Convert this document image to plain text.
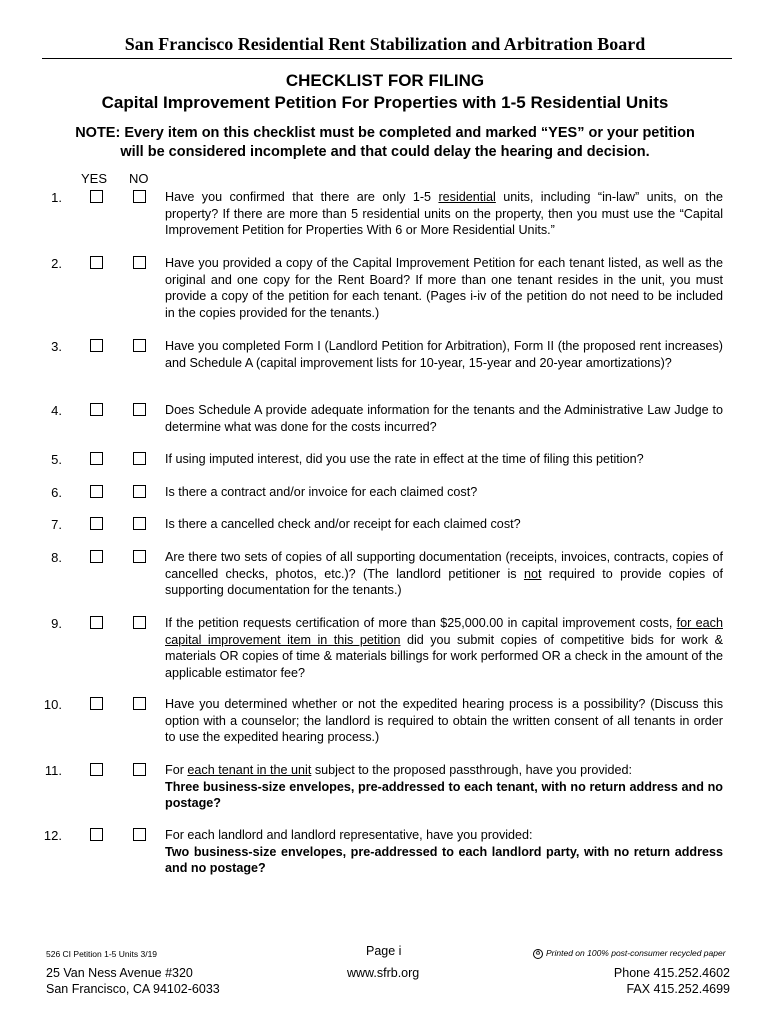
San Francisco Residential Rent Stabilization and Arbitration Board
CHECKLIST FOR FILING
Capital Improvement Petition For Properties with 1-5 Residential Units
NOTE: Every item on this checklist must be completed and marked “YES” or your petition will be considered incomplete and that could delay the hearing and decision.
YES NO
1.	Have you confirmed that there are only 1-5 residential units, including “in-law” units, on the property? If there are more than 5 residential units on the property, then you must use the “Capital Improvement Petition for Properties With 6 or More Residential Units.”
2.	Have you provided a copy of the Capital Improvement Petition for each tenant listed, as well as the original and one copy for the Rent Board? If more than one tenant resides in the unit, you must provide a copy of the petition for each tenant. (Pages i-iv of the petition do not need to be included in the copies provided for the tenants.)
3.	Have you completed Form I (Landlord Petition for Arbitration), Form II (the proposed rent increases) and Schedule A (capital improvement lists for 10-year, 15-year and 20-year amortizations)?
4.	Does Schedule A provide adequate information for the tenants and the Administrative Law Judge to determine what was done for the costs incurred?
5.	If using imputed interest, did you use the rate in effect at the time of filing this petition?
6.	Is there a contract and/or invoice for each claimed cost?
7.	Is there a cancelled check and/or receipt for each claimed cost?
8.	Are there two sets of copies of all supporting documentation (receipts, invoices, contracts, copies of cancelled checks, photos, etc.)? (The landlord petitioner is not required to provide copies of supporting documentation for the tenants.)
9.	If the petition requests certification of more than $25,000.00 in capital improvement costs, for each capital improvement item in this petition did you submit copies of competitive bids for work & materials OR copies of time & materials billings for work performed OR a check in the amount of the applicable estimator fee?
10.	Have you determined whether or not the expedited hearing process is a possibility? (Discuss this option with a counselor; the landlord is required to obtain the written consent of all tenants in order to use the expedited hearing process.)
11.	For each tenant in the unit subject to the proposed passthrough, have you provided:
Three business-size envelopes, pre-addressed to each tenant, with no return address and no postage?
12.	For each landlord and landlord representative, have you provided:
Two business-size envelopes, pre-addressed to each landlord party, with no return address and no postage?
526 CI Petition 1-5 Units 3/19	Page i	♻ Printed on 100% post-consumer recycled paper
25 Van Ness Avenue #320
San Francisco, CA 94102-6033
www.sfrb.org	Phone 415.252.4602
FAX 415.252.4699
